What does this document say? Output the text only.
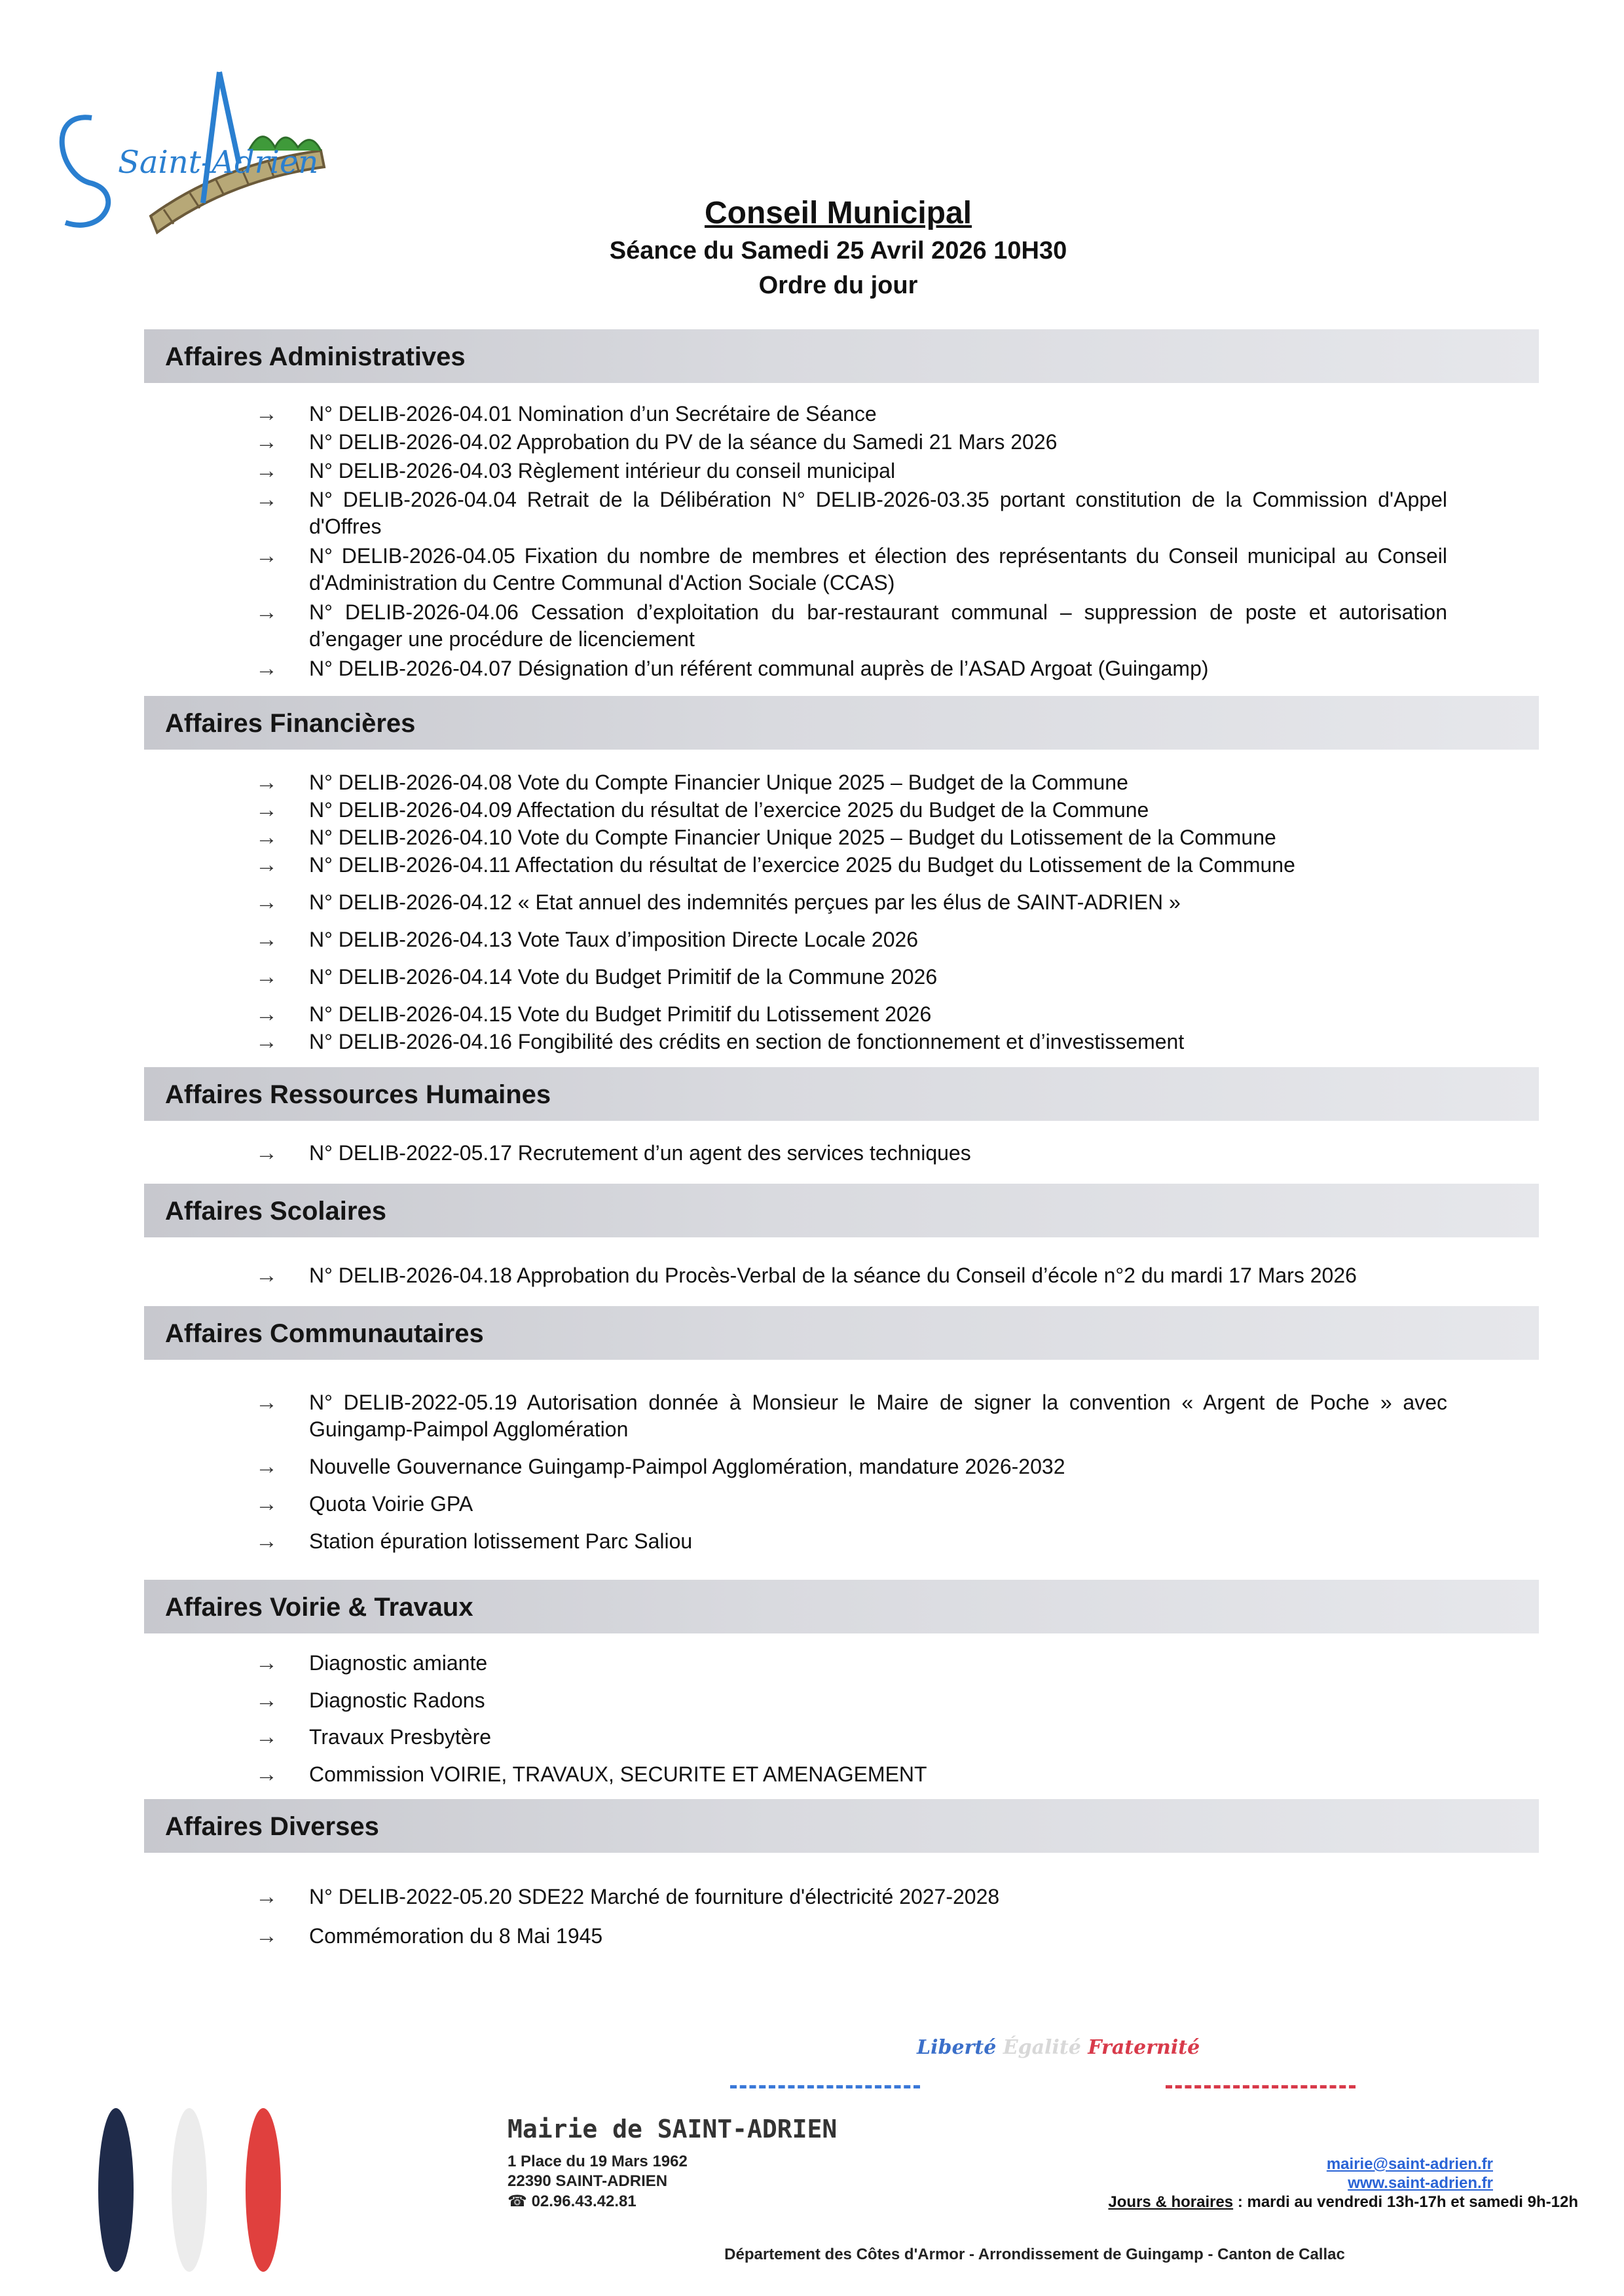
Saint-Adrien
Conseil Municipal
Séance du Samedi 25 Avril 2026 10H30
Ordre du jour
Affaires Administratives
→	N° DELIB-2026-04.01 Nomination d’un Secrétaire de Séance
→	N° DELIB-2026-04.02 Approbation du PV de la séance du Samedi 21 Mars 2026
→	N° DELIB-2026-04.03 Règlement intérieur du conseil municipal
→	N° DELIB-2026-04.04 Retrait de la Délibération N° DELIB-2026-03.35 portant constitution de la Commission d'Appel d'Offres
→	N° DELIB-2026-04.05 Fixation du nombre de membres et élection des représentants du Conseil municipal au Conseil d'Administration du Centre Communal d'Action Sociale (CCAS)
→	N° DELIB-2026-04.06 Cessation d’exploitation du bar-restaurant communal – suppression de poste et autorisation d’engager une procédure de licenciement
→	N° DELIB-2026-04.07 Désignation d’un référent communal auprès de l’ASAD Argoat (Guingamp)
Affaires Financières
→	N° DELIB-2026-04.08 Vote du Compte Financier Unique 2025 – Budget de la Commune
→	N° DELIB-2026-04.09 Affectation du résultat de l’exercice 2025 du Budget de la Commune
→	N° DELIB-2026-04.10 Vote du Compte Financier Unique 2025 – Budget du Lotissement de la Commune
→	N° DELIB-2026-04.11 Affectation du résultat de l’exercice 2025 du Budget du Lotissement de la Commune
→	N° DELIB-2026-04.12 « Etat annuel des indemnités perçues par les élus de SAINT-ADRIEN »
→	N° DELIB-2026-04.13 Vote Taux d’imposition Directe Locale 2026
→	N° DELIB-2026-04.14 Vote du Budget Primitif de la Commune 2026
→	N° DELIB-2026-04.15 Vote du Budget Primitif du Lotissement 2026
→	N° DELIB-2026-04.16 Fongibilité des crédits en section de fonctionnement et d’investissement
Affaires Ressources Humaines
→	N° DELIB-2022-05.17 Recrutement d’un agent des services techniques
Affaires Scolaires
→	N° DELIB-2026-04.18 Approbation du Procès-Verbal de la séance du Conseil d’école n°2 du mardi 17 Mars 2026
Affaires Communautaires
→	N° DELIB-2022-05.19 Autorisation donnée à Monsieur le Maire de signer la convention « Argent de Poche » avec Guingamp-Paimpol Agglomération
→	Nouvelle Gouvernance Guingamp-Paimpol Agglomération, mandature 2026-2032
→	Quota Voirie GPA
→	Station épuration lotissement Parc Saliou
Affaires Voirie & Travaux
→	Diagnostic amiante
→	Diagnostic Radons
→	Travaux Presbytère
→	Commission VOIRIE, TRAVAUX, SECURITE ET AMENAGEMENT
Affaires Diverses
→	N° DELIB-2022-05.20 SDE22 Marché de fourniture d'électricité 2027-2028
→	Commémoration du 8 Mai 1945
Liberté Égalité Fraternité
Mairie de SAINT-ADRIEN
1 Place du 19 Mars 1962
22390 SAINT-ADRIEN
☎ 02.96.43.42.81
mairie@saint-adrien.fr
www.saint-adrien.fr
Jours & horaires : mardi au vendredi 13h-17h et samedi 9h-12h
Département des Côtes d'Armor - Arrondissement de Guingamp - Canton de Callac
